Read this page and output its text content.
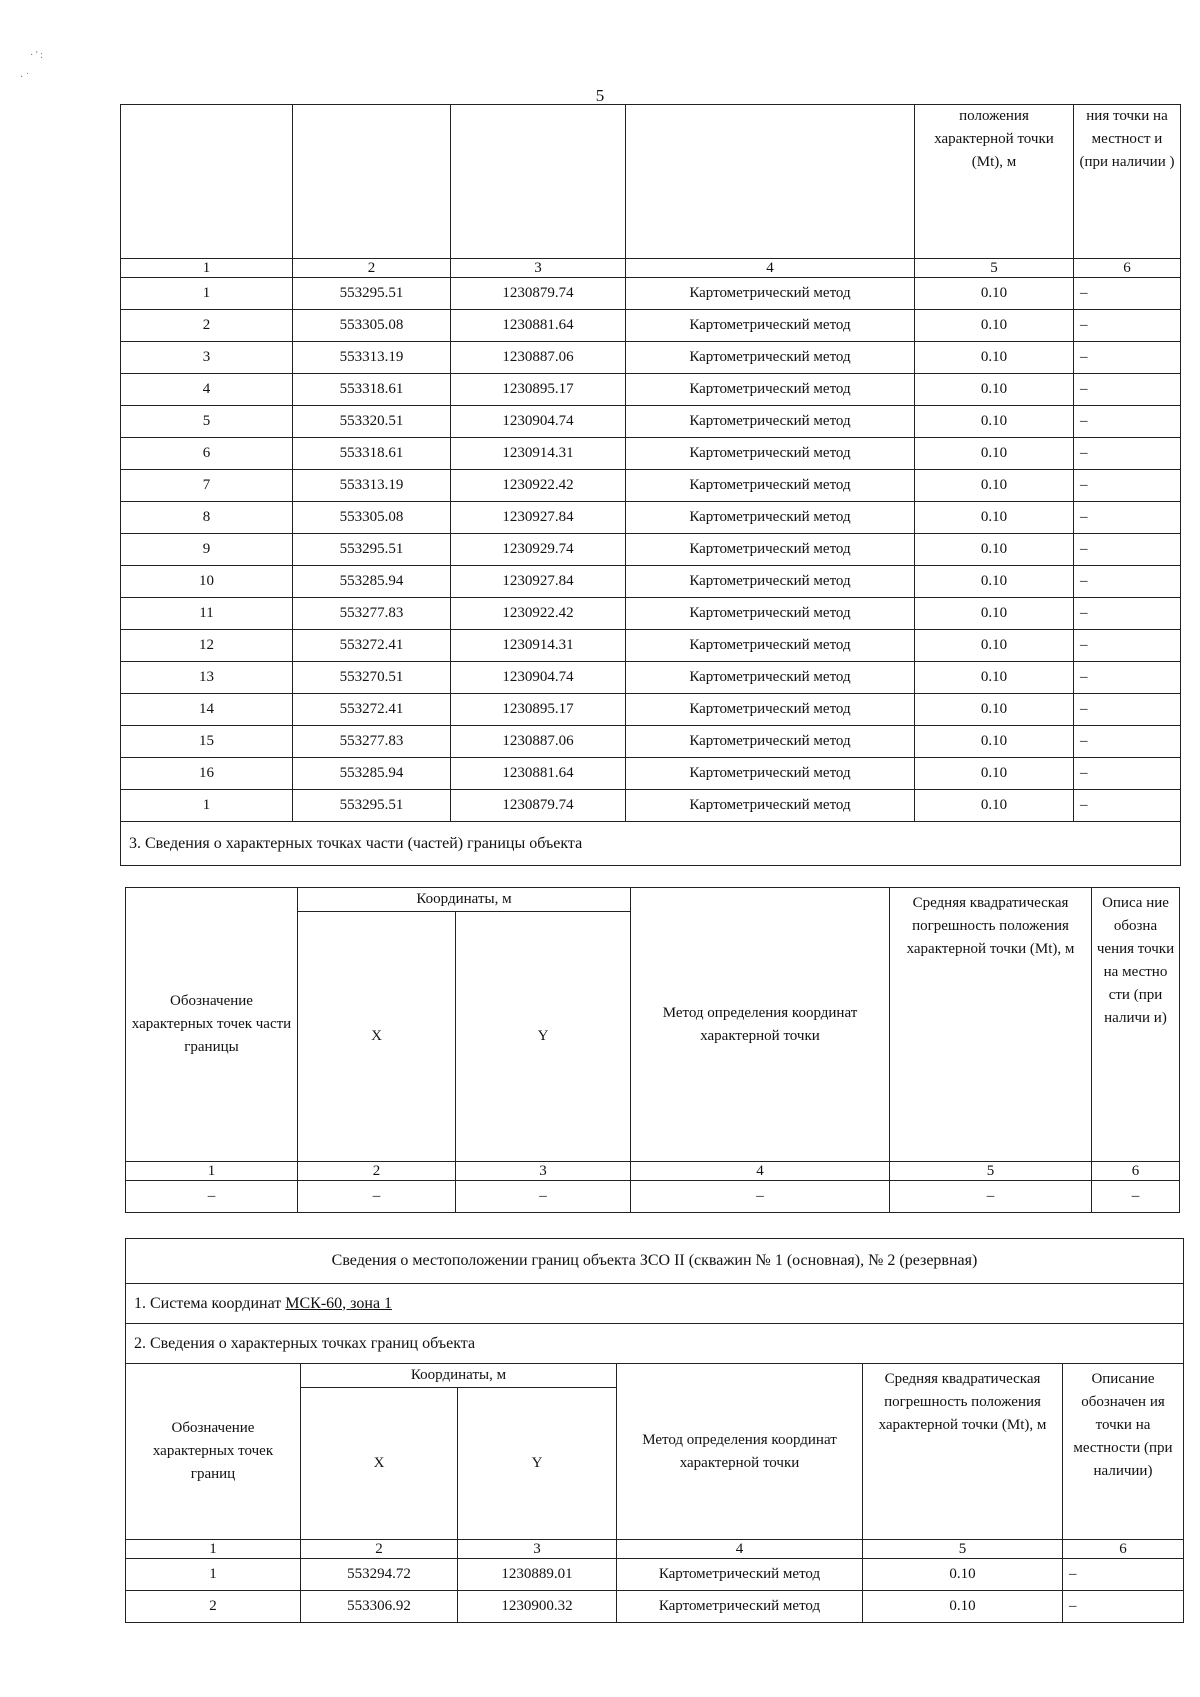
· ' :
· ˙
5
				положения характерной точки (Mt), м	ния точки на местност и (при наличии )
1	2	3	4	5	6
1	553295.51	1230879.74	Картометрический метод	0.10	–
2	553305.08	1230881.64	Картометрический метод	0.10	–
3	553313.19	1230887.06	Картометрический метод	0.10	–
4	553318.61	1230895.17	Картометрический метод	0.10	–
5	553320.51	1230904.74	Картометрический метод	0.10	–
6	553318.61	1230914.31	Картометрический метод	0.10	–
7	553313.19	1230922.42	Картометрический метод	0.10	–
8	553305.08	1230927.84	Картометрический метод	0.10	–
9	553295.51	1230929.74	Картометрический метод	0.10	–
10	553285.94	1230927.84	Картометрический метод	0.10	–
11	553277.83	1230922.42	Картометрический метод	0.10	–
12	553272.41	1230914.31	Картометрический метод	0.10	–
13	553270.51	1230904.74	Картометрический метод	0.10	–
14	553272.41	1230895.17	Картометрический метод	0.10	–
15	553277.83	1230887.06	Картометрический метод	0.10	–
16	553285.94	1230881.64	Картометрический метод	0.10	–
1	553295.51	1230879.74	Картометрический метод	0.10	–
3. Сведения о характерных точках части (частей) границы объекта					
Обозначение характерных точек части границы	Координаты, м		Метод определения координат характерной точки	Средняя квадратическая погрешность положения характерной точки (Mt), м	Описа ние обозна чения точки на местно сти (при наличи и)
	X	Y			
1	2	3	4	5	6
–	–	–	–	–	–
Сведения о местоположении границ объекта ЗСО II (скважин № 1 (основная), № 2 (резервная)					
1. Система координат МСК-60, зона 1					
2. Сведения о характерных точках границ объекта					
Обозначение характерных точек границ	Координаты, м		Метод определения координат характерной точки	Средняя квадратическая погрешность положения характерной точки (Mt), м	Описание обозначен ия точки на местности (при наличии)
	X	Y			
1	2	3	4	5	6
1	553294.72	1230889.01	Картометрический метод	0.10	–
2	553306.92	1230900.32	Картометрический метод	0.10	–
